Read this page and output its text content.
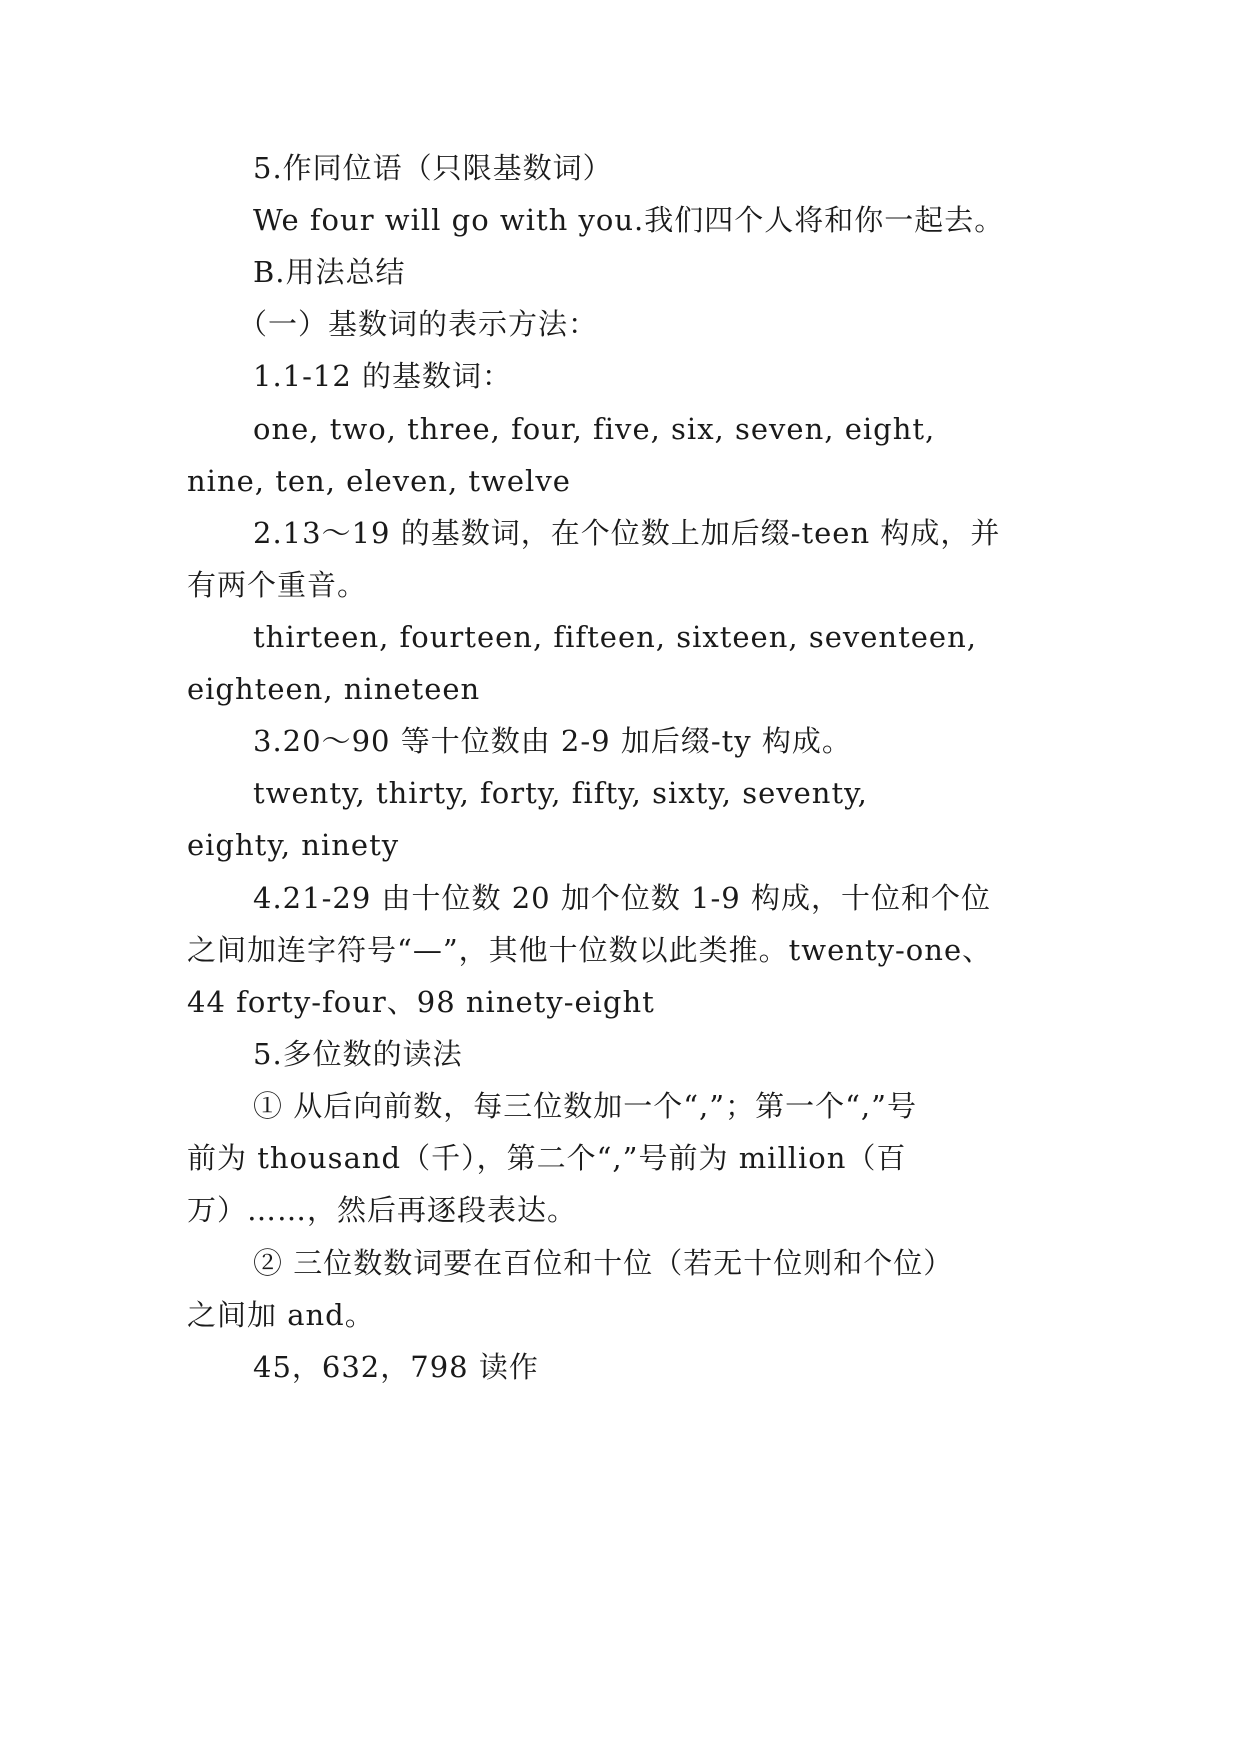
5.作同位语（只限基数词）
We four will go with you.我们四个人将和你一起去。
B.用法总结
（一）基数词的表示方法：
1.1-12 的基数词：
one, two, three, four, five, six, seven, eight,
nine, ten, eleven, twelve
2.13～19 的基数词，在个位数上加后缀-teen 构成，并
有两个重音。
thirteen, fourteen, fifteen, sixteen, seventeen,
eighteen, nineteen
3.20～90 等十位数由 2-9 加后缀-ty 构成。
twenty, thirty, forty, fifty, sixty, seventy,
eighty, ninety
4.21-29 由十位数 20 加个位数 1-9 构成，十位和个位
之间加连字符号“—”，其他十位数以此类推。twenty-one、
44 forty-four、98 ninety-eight
5.多位数的读法
① 从后向前数，每三位数加一个“,”；第一个“,”号
前为 thousand（千），第二个“,”号前为 million（百
万）……，然后再逐段表达。
② 三位数数词要在百位和十位（若无十位则和个位）
之间加 and。
45，632，798 读作
